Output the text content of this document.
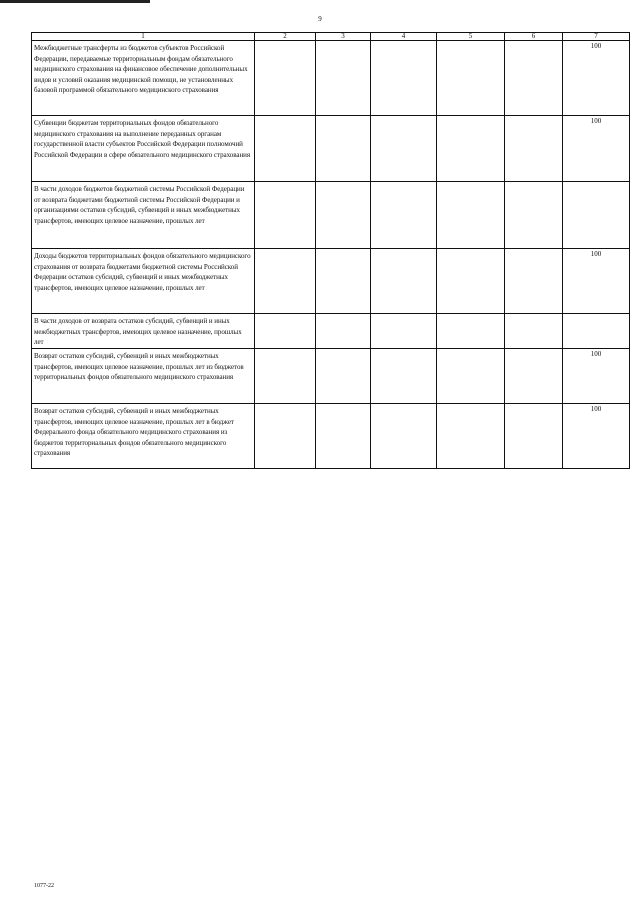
9
1	2	3	4	5	6	7
Межбюджетные трансферты из бюджетов субъектов Российской Федерации, передаваемые территориальным фондам обязательного медицинского страхования на финансовое обеспечение дополнительных видов и условий оказания медицинской помощи, не установленных базовой программой обязательного медицинского страхования						100
Субвенции бюджетам территориальных фондов обязательного медицинского страхования на выполнение переданных органам государственной власти субъектов Российской Федерации полномочий Российской Федерации в сфере обязательного медицинского страхования						100
В части доходов бюджетов бюджетной системы Российской Федерации от возврата бюджетами бюджетной системы Российской Федерации и организациями остатков субсидий, субвенций и иных межбюджетных трансфертов, имеющих целевое назначение, прошлых лет						
Доходы бюджетов территориальных фондов обязательного медицинского страхования от возврата бюджетами бюджетной системы Российской Федерации остатков субсидий, субвенций и иных межбюджетных трансфертов, имеющих целевое назначение, прошлых лет						100
В части доходов от возврата остатков субсидий, субвенций и иных межбюджетных трансфертов, имеющих целевое назначение, прошлых лет						
Возврат остатков субсидий, субвенций и иных межбюджетных трансфертов, имеющих целевое назначение, прошлых лет из бюджетов территориальных фондов обязательного медицинского страхования						100
Возврат остатков субсидий, субвенций и иных межбюджетных трансфертов, имеющих целевое назначение, прошлых лет в бюджет Федерального фонда обязательного медицинского страхования из бюджетов территориальных фондов обязательного медицинского страхования						100
1077-22
